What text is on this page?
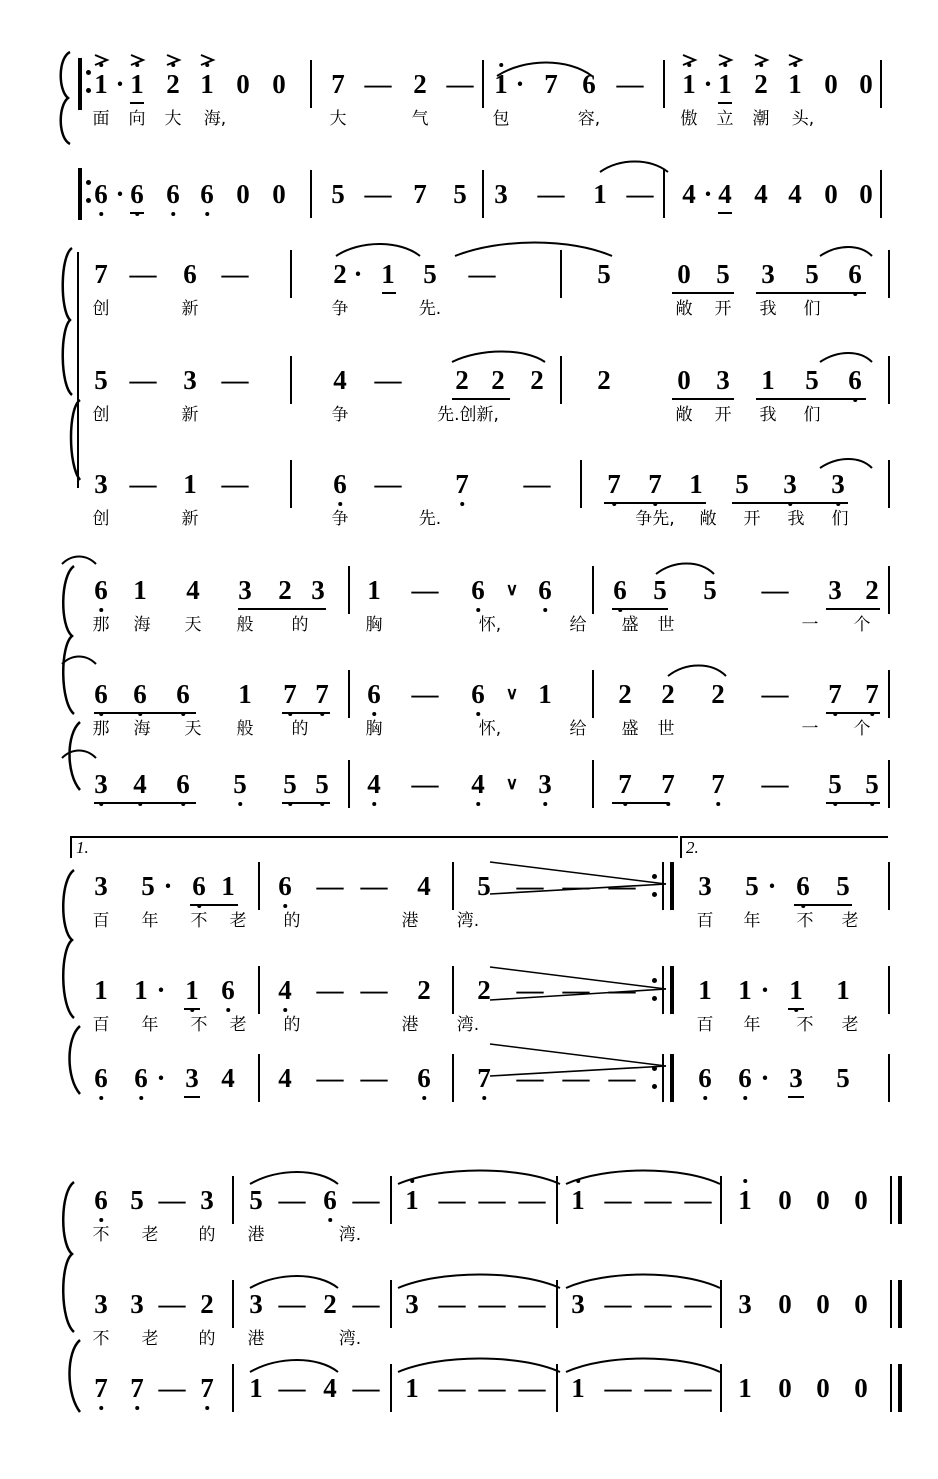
1 · 1 2 1 0 0 7 — 2 — 1 · 7 6 — 1 · 1 2 1 0 0
面 向 大 海,	大	气	包	容,	傲 立 潮 头,
6 · 6 6 6 0 0 5 — 7 5 3 — 1 — 4 · 4 4 4 0 0
7 — 6 —	2 · 1 5 —	5 0 5 3 5 6
创	新	争	先.	敞 开 我 们
5 — 3 —	4 — 2 2 2 2 0 3 1 5 6
创	新	争	先.创新,	敞 开 我 们
3 — 1 —	6 — 7 — 7 7 1 5 3 3
创	新	争	先.	争先, 敞 开 我 们
6 1 4 3 2 3 1 — 6 ∨ 6 6 5 5 — 3 2
那 海 天 般 的	胸	怀,	给 盛 世	一 个
6 6 6 1 7 7 6 — 6 ∨ 1 2 2 2 — 7 7
那 海 天 般 的	胸	怀,	给 盛 世	一 个
3 4 6 5 5 5 4 — 4 ∨ 3 7 7 7 — 5 5
1.	2.
3 5 · 6 1 6 — — 4 5 — — — 3 5 · 6 5
百 年 不 老 的	港 湾.	百 年 不 老
1 1 · 1 6 4 — — 2 2 — — — 1 1 · 1 1
百 年 不 老 的	港 湾.	百 年 不 老
6 6 · 3 4 4 — — 6 7 — — — 6 6 · 3 5
6 5 — 3 5 — 6 — 1 — — — 1 — — — 1 0 0 0
不 老 的 港	湾.
3 3 — 2 3 — 2 — 3 — — — 3 — — — 3 0 0 0
不 老 的 港	湾.
7 7 — 7 1 — 4 — 1 — — — 1 — — — 1 0 0 0
